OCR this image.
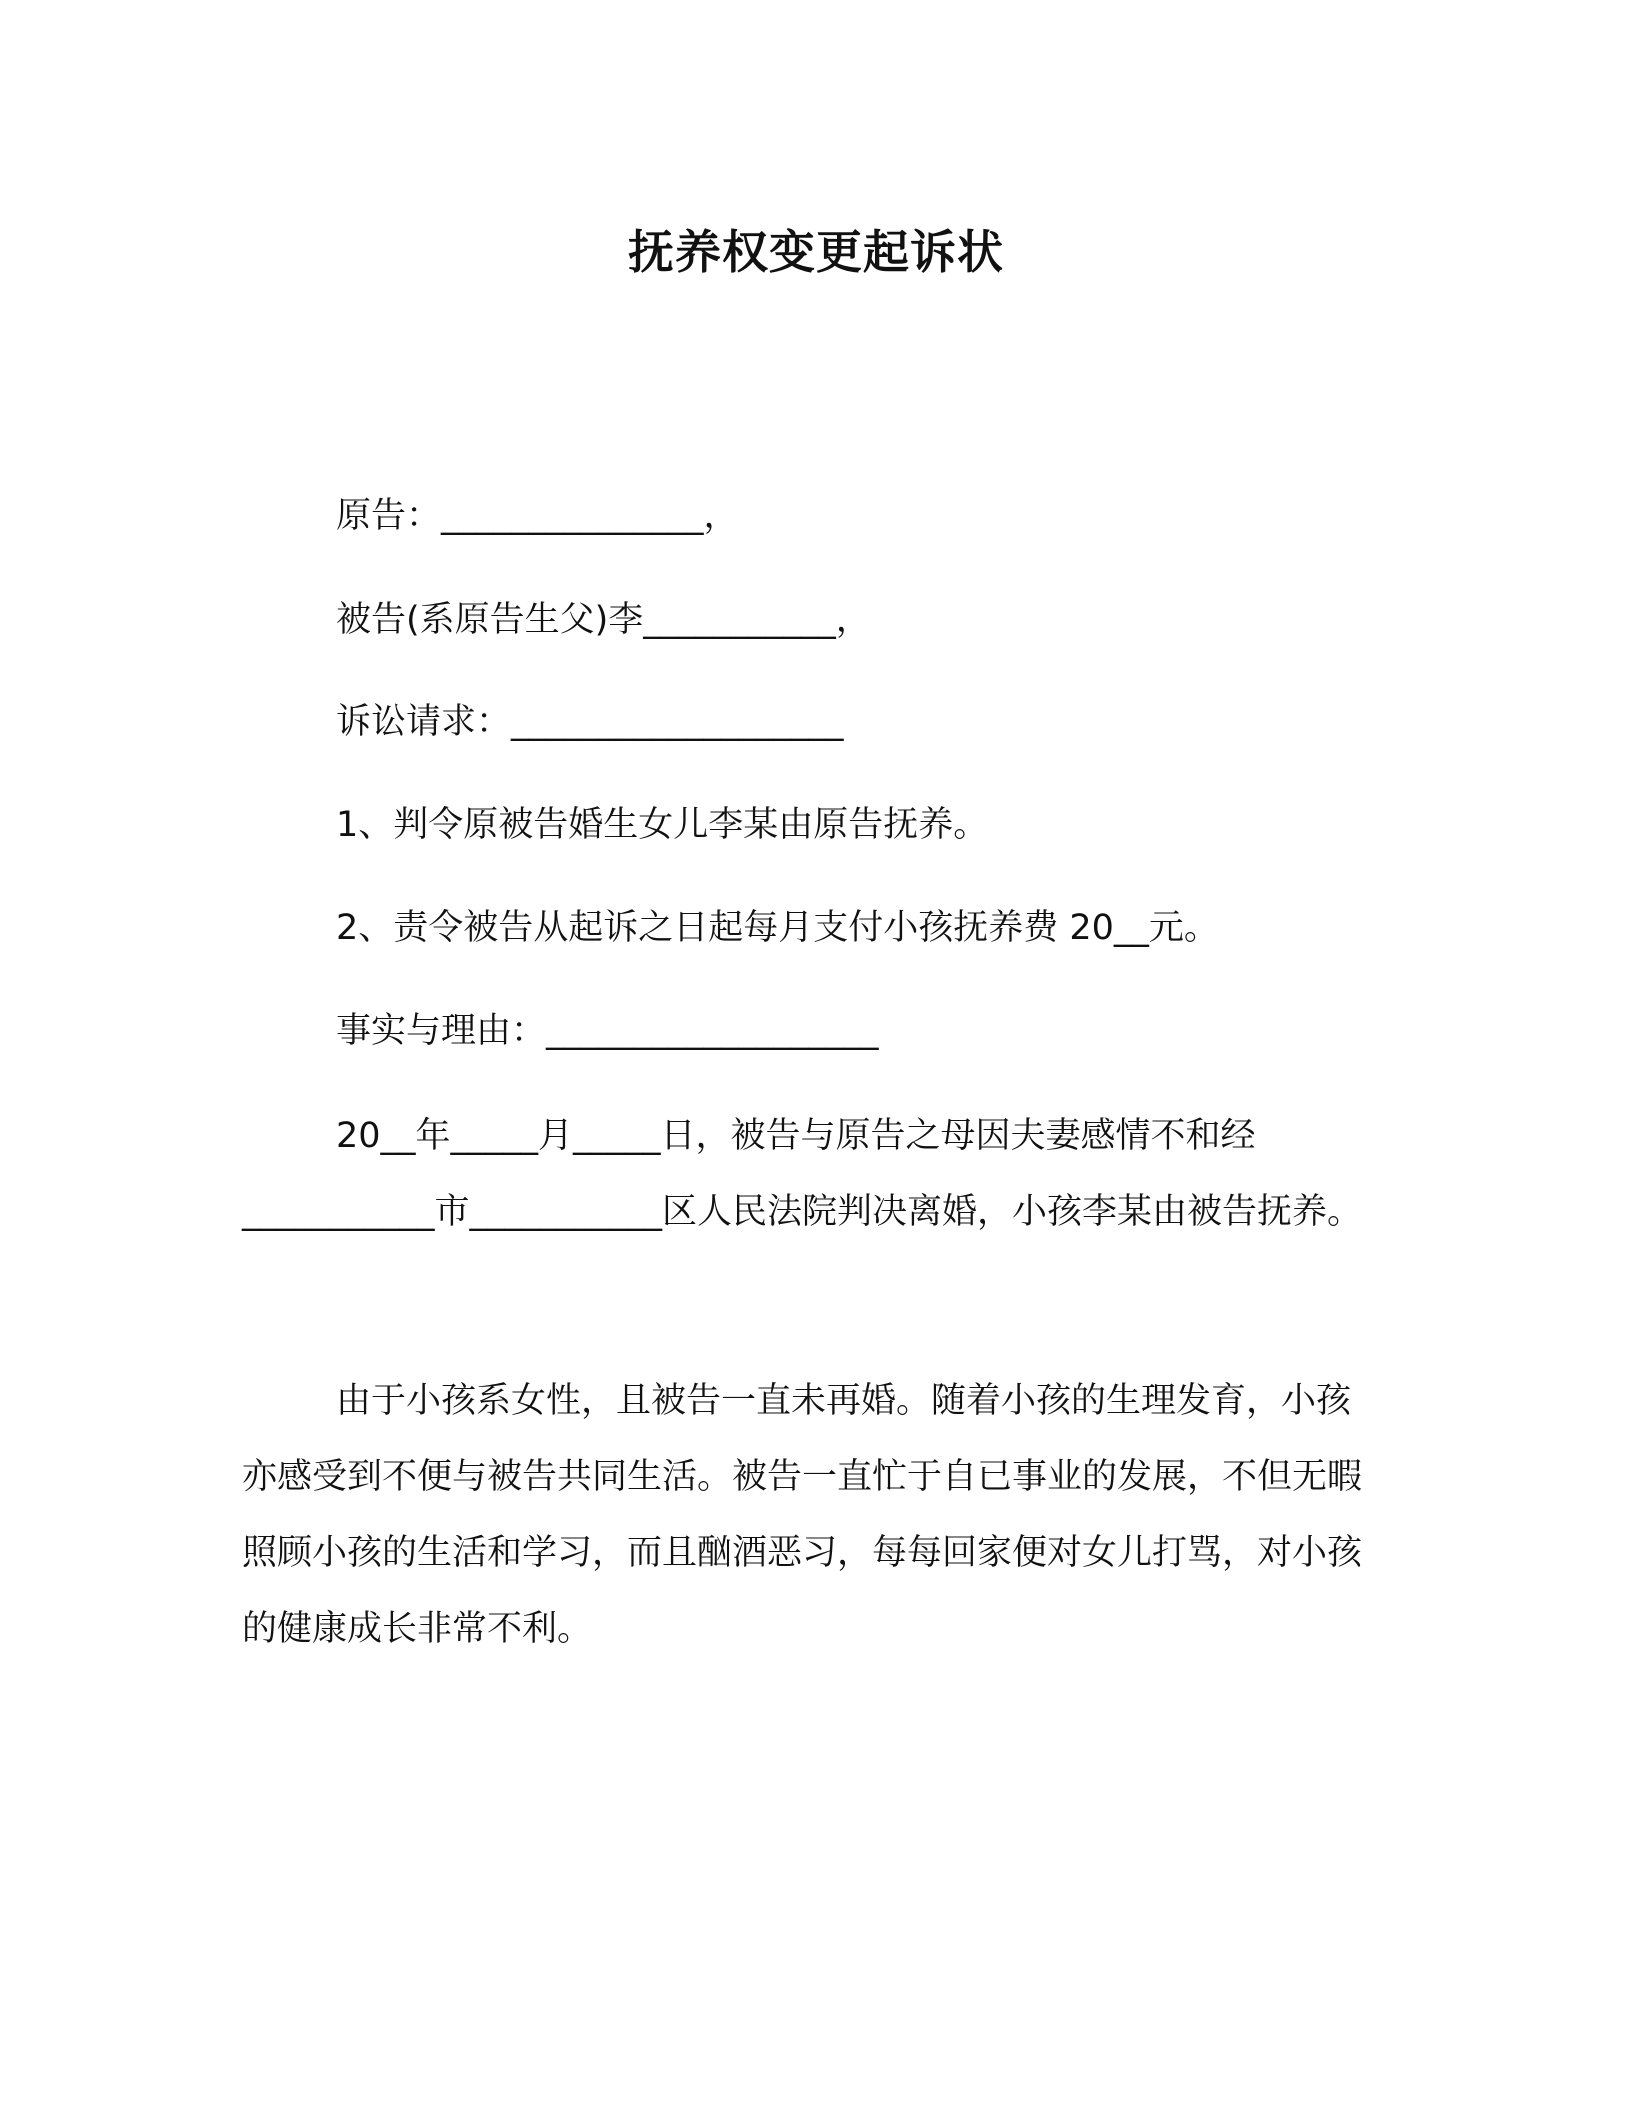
抚养权变更起诉状

原告：_______________，

被告(系原告生父)李___________，

诉讼请求：___________________

1、判令原被告婚生女儿李某由原告抚养。

2、责令被告从起诉之日起每月支付小孩抚养费 20__元。

事实与理由：___________________

20__年_____月_____日，被告与原告之母因夫妻感情不和经___________市___________区人民法院判决离婚，小孩李某由被告抚养。

由于小孩系女性，且被告一直未再婚。随着小孩的生理发育，小孩亦感受到不便与被告共同生活。被告一直忙于自已事业的发展，不但无暇照顾小孩的生活和学习，而且酗酒恶习，每每回家便对女儿打骂，对小孩的健康成长非常不利。
